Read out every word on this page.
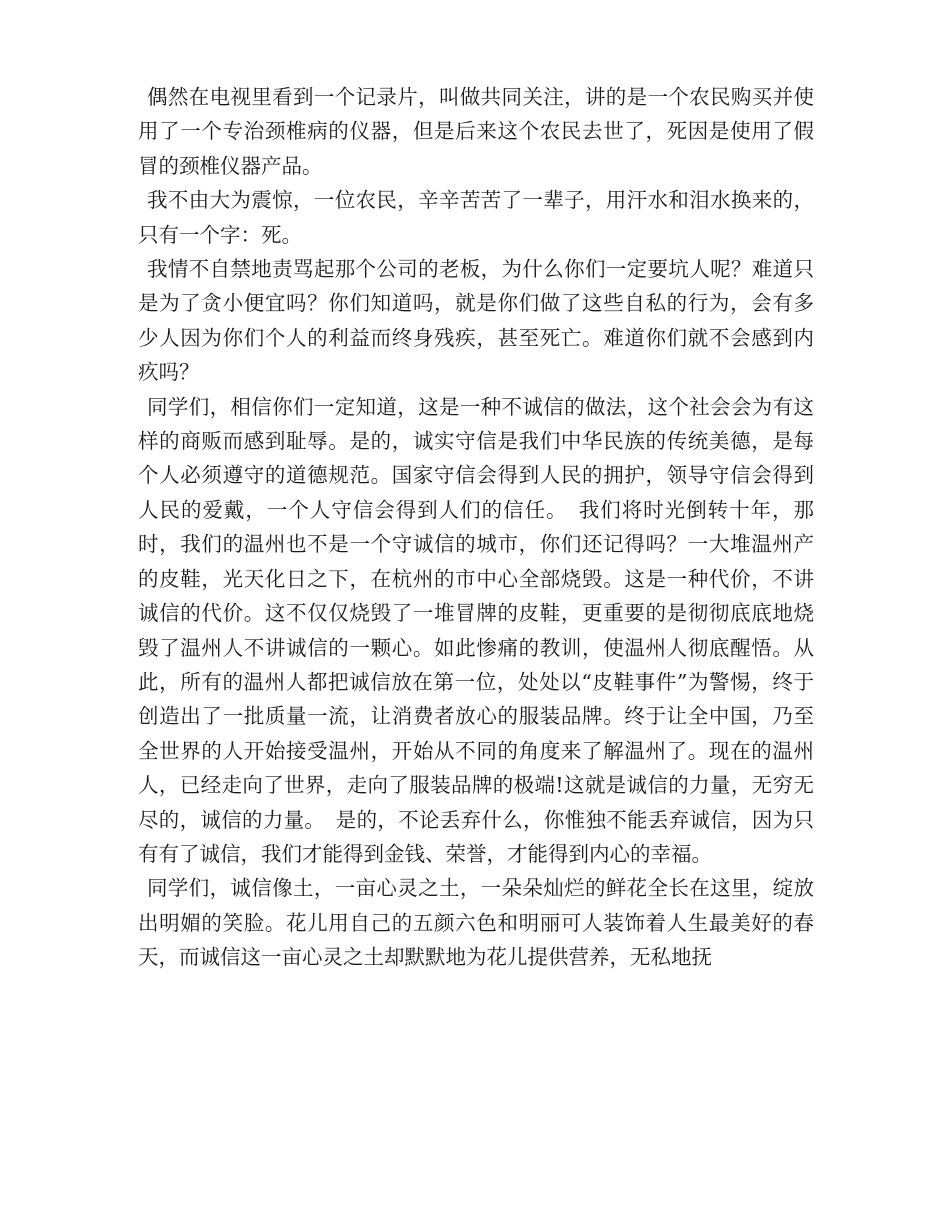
偶然在电视里看到一个记录片，叫做共同关注，讲的是一个农民购买并使用了一个专治颈椎病的仪器，但是后来这个农民去世了，死因是使用了假冒的颈椎仪器产品。

我不由大为震惊，一位农民，辛辛苦苦了一辈子，用汗水和泪水换来的，只有一个字：死。

我情不自禁地责骂起那个公司的老板，为什么你们一定要坑人呢？难道只是为了贪小便宜吗？你们知道吗，就是你们做了这些自私的行为，会有多少人因为你们个人的利益而终身残疾，甚至死亡。难道你们就不会感到内疚吗？

同学们，相信你们一定知道，这是一种不诚信的做法，这个社会会为有这样的商贩而感到耻辱。是的，诚实守信是我们中华民族的传统美德，是每个人必须遵守的道德规范。国家守信会得到人民的拥护，领导守信会得到人民的爱戴，一个人守信会得到人们的信任。　我们将时光倒转十年，那时，我们的温州也不是一个守诚信的城市，你们还记得吗？一大堆温州产的皮鞋，光天化日之下，在杭州的市中心全部烧毁。这是一种代价，不讲诚信的代价。这不仅仅烧毁了一堆冒牌的皮鞋，更重要的是彻彻底底地烧毁了温州人不讲诚信的一颗心。如此惨痛的教训，使温州人彻底醒悟。从此，所有的温州人都把诚信放在第一位，处处以“皮鞋事件”为警惕，终于创造出了一批质量一流，让消费者放心的服装品牌。终于让全中国，乃至全世界的人开始接受温州，开始从不同的角度来了解温州了。现在的温州人，已经走向了世界，走向了服装品牌的极端!这就是诚信的力量，无穷无尽的，诚信的力量。　是的，不论丢弃什么，你惟独不能丢弃诚信，因为只有有了诚信，我们才能得到金钱、荣誉，才能得到内心的幸福。

同学们，诚信像土，一亩心灵之土，一朵朵灿烂的鲜花全长在这里，绽放出明媚的笑脸。花儿用自己的五颜六色和明丽可人装饰着人生最美好的春天，而诚信这一亩心灵之土却默默地为花儿提供营养，无私地抚
